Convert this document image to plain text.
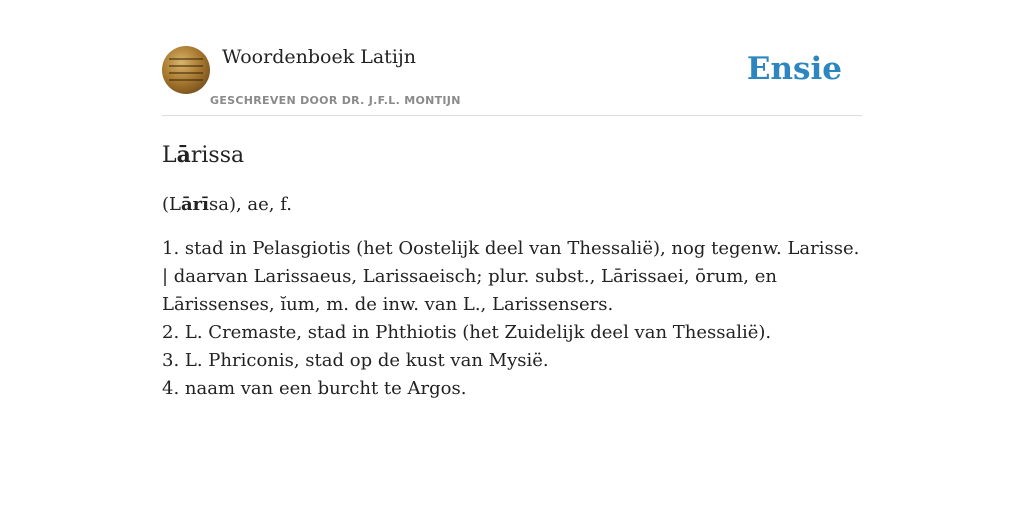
Woordenboek Latijn
GESCHREVEN DOOR DR. J.F.L. MONTIJN
Ensie
Lārissa
(Lārīsa), ae, f.
1. stad in Pelasgiotis (het Oostelijk deel van Thessalië), nog tegenw. Larisse. | daarvan Larissaeus, Larissaeisch; plur. subst., Lārissaei, ōrum, en Lārissenses, ĭum, m. de inw. van L., Larissensers.
2. L. Cremaste, stad in Phthiotis (het Zuidelijk deel van Thessalië).
3. L. Phriconis, stad op de kust van Mysië.
4. naam van een burcht te Argos.
